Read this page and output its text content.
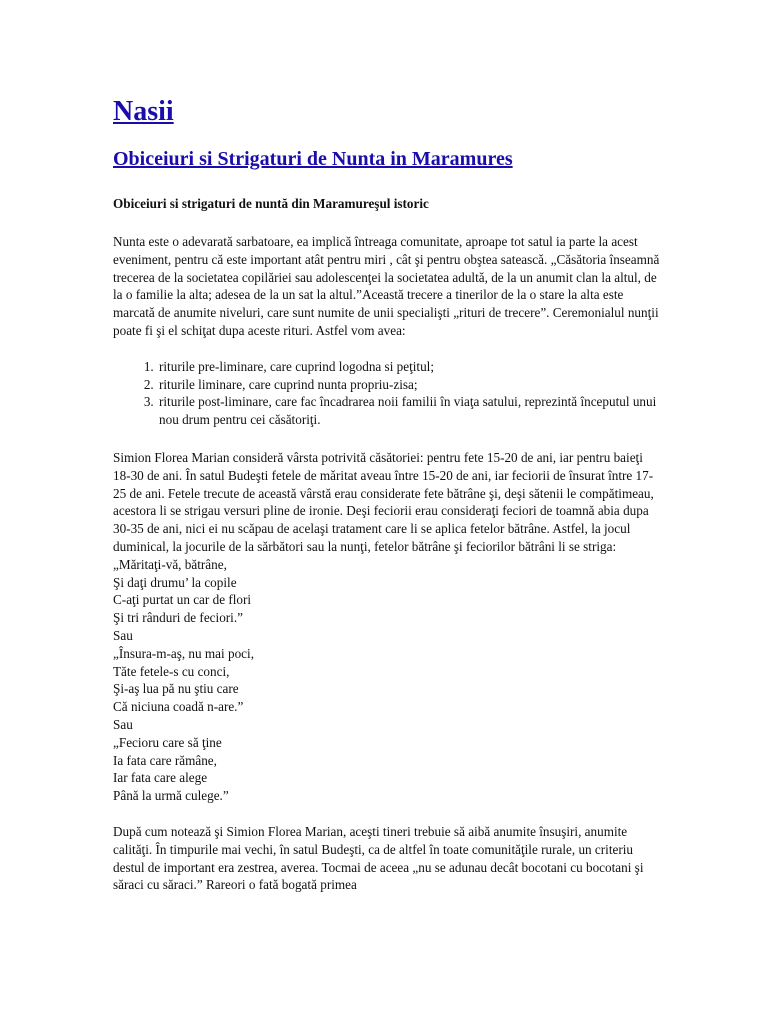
Nasii
Obiceiuri si Strigaturi de Nunta in Maramures
Obiceiuri si strigaturi de nuntă din Maramureşul istoric

Nunta este o adevarată sarbatoare, ea implică întreaga comunitate, aproape tot satul ia parte la acest eveniment, pentru că este important atât pentru miri , cât şi pentru obştea sateascǎ. „Căsătoria înseamnă trecerea de la societatea copilăriei sau adolescenţei la societatea adultǎ, de la un anumit clan la altul, de la o familie la alta; adesea de la un sat la altul.”Această trecere a tinerilor de la o stare la alta este marcatǎ de anumite niveluri, care sunt numite de unii specialişti „rituri de trecere”. Ceremonialul nunţii poate fi şi el schiţat dupa aceste rituri. Astfel vom avea:

1. riturile pre-liminare, care cuprind logodna si peţitul;
2. riturile liminare, care cuprind nunta propriu-zisa;
3. riturile post-liminare, care fac încadrarea noii familii în viaţa satului, reprezintă începutul unui nou drum pentru cei căsătoriţi.

Simion Florea Marian consideră vârsta potrivită căsătoriei: pentru fete 15-20 de ani, iar pentru baieţi 18-30 de ani. În satul Budeşti fetele de mǎritat aveau între 15-20 de ani, iar feciorii de însurat între 17-25 de ani. Fetele trecute de această vârstă erau considerate fete bătrâne şi, deşi sătenii le compătimeau, acestora li se strigau versuri pline de ironie. Deşi feciorii erau consideraţi feciori de toamnă abia dupa 30-35 de ani, nici ei nu scăpau de acelaşi tratament care li se aplica fetelor bătrâne. Astfel, la jocul duminical, la jocurile de la sărbători sau la nunţi, fetelor bătrâne şi feciorilor bătrâni li se striga:

„Măritaţi-vă, bătrâne,
Şi daţi drumu’ la copile
C-aţi purtat un car de flori
Şi tri rânduri de feciori.”
Sau
„Însura-m-aş, nu mai poci,
Tăte fetele-s cu conci,
Şi-aş lua pă nu ştiu care
Că niciuna coadă n-are.”
Sau
„Fecioru care să ţine
Ia fata care rămâne,
Iar fata care alege
Până la urmă culege.”

După cum notează şi Simion Florea Marian, aceşti tineri trebuie să aibă anumite însuşiri, anumite calităţi. În timpurile mai vechi, în satul Budeşti, ca de altfel în toate comunităţile rurale, un criteriu destul de important era zestrea, averea. Tocmai de aceea „nu se adunau decât bocotani cu bocotani şi săraci cu săraci.” Rareori o fată bogată primea
